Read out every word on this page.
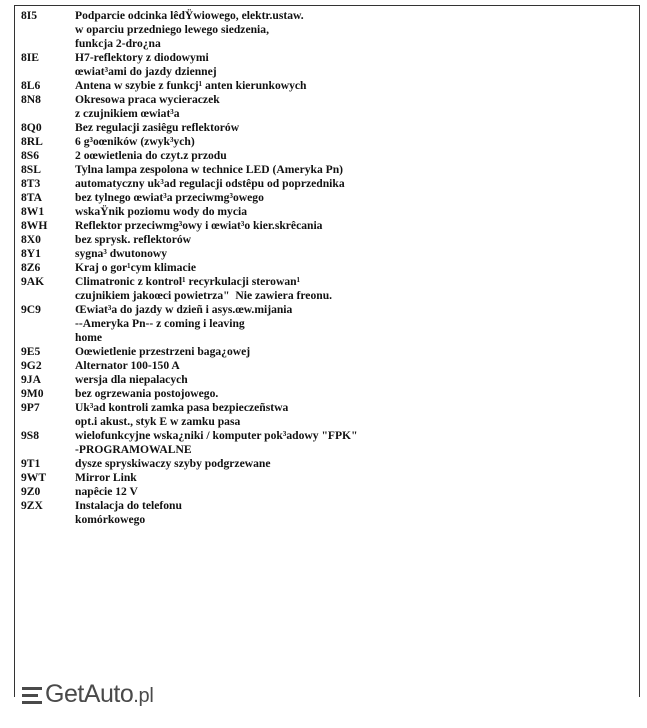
8I5	Podparcie odcinka lêdŸwiowego, elektr.ustaw.
w oparciu przedniego lewego siedzenia,
funkcja 2-dro¿na
8IE	H7-reflektory z diodowymi
œwiat³ami do jazdy dziennej
8L6	Antena w szybie z funkcj¹ anten kierunkowych
8N8	Okresowa praca wycieraczek
z czujnikiem œwiat³a
8Q0	Bez regulacji zasiêgu reflektorów
8RL	6 g³oœników (zwyk³ych)
8S6	2 oœwietlenia do czyt.z przodu
8SL	Tylna lampa zespolona w technice LED (Ameryka Pn)
8T3	automatyczny uk³ad regulacji odstêpu od poprzednika
8TA	bez tylnego œwiat³a przeciwmg³owego
8W1	wskaŸnik poziomu wody do mycia
8WH	Reflektor przeciwmg³owy i œwiat³o kier.skrêcania
8X0	bez sprysk. reflektorów
8Y1	sygna³ dwutonowy
8Z6	Kraj o gor¹cym klimacie
9AK	Climatronic z kontrol¹ recyrkulacji sterowan¹
czujnikiem jakoœci powietrza"  Nie zawiera freonu.
9C9	Œwiat³a do jazdy w dzieñ i asys.œw.mijania
--Ameryka Pn-- z coming i leaving
home
9E5	Oœwietlenie przestrzeni baga¿owej
9G2	Alternator 100-150 A
9JA	wersja dla niepalacych
9M0	bez ogrzewania postojowego.
9P7	Uk³ad kontroli zamka pasa bezpieczeñstwa
opt.i akust., styk E w zamku pasa
9S8	wielofunkcyjne wska¿niki / komputer pok³adowy "FPK"
-PROGRAMOWALNE
9T1	dysze spryskiwaczy szyby podgrzewane
9WT	Mirror Link
9Z0	napêcie 12 V
9ZX	Instalacja do telefonu
komórkowego
GetAuto .pl
